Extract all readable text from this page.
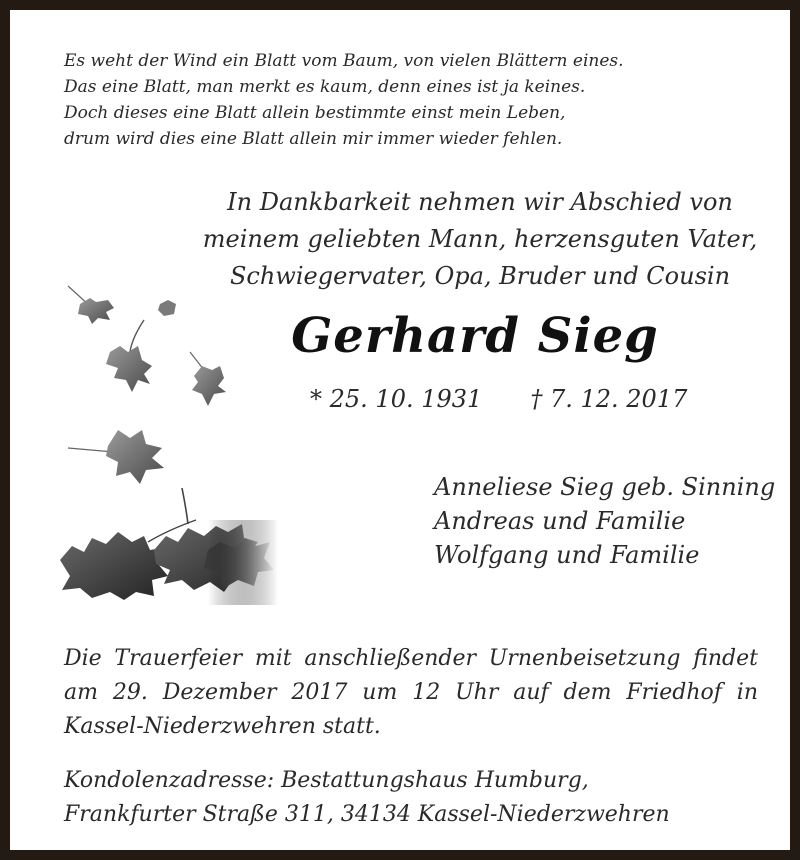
Es weht der Wind ein Blatt vom Baum, von vielen Blättern eines.
Das eine Blatt, man merkt es kaum, denn eines ist ja keines.
Doch dieses eine Blatt allein bestimmte einst mein Leben,
drum wird dies eine Blatt allein mir immer wieder fehlen.
In Dankbarkeit nehmen wir Abschied von
meinem geliebten Mann, herzensguten Vater,
Schwiegervater, Opa, Bruder und Cousin
Gerhard Sieg
* 25. 10. 1931 † 7. 12. 2017
Anneliese Sieg geb. Sinning
Andreas und Familie
Wolfgang und Familie
Die Trauerfeier mit anschließender Urnenbeisetzung findet am 29. Dezember 2017 um 12 Uhr auf dem Friedhof in Kassel-Niederzwehren statt.
Kondolenzadresse: Bestattungshaus Humburg,
Frankfurter Straße 311, 34134 Kassel-Niederzwehren
